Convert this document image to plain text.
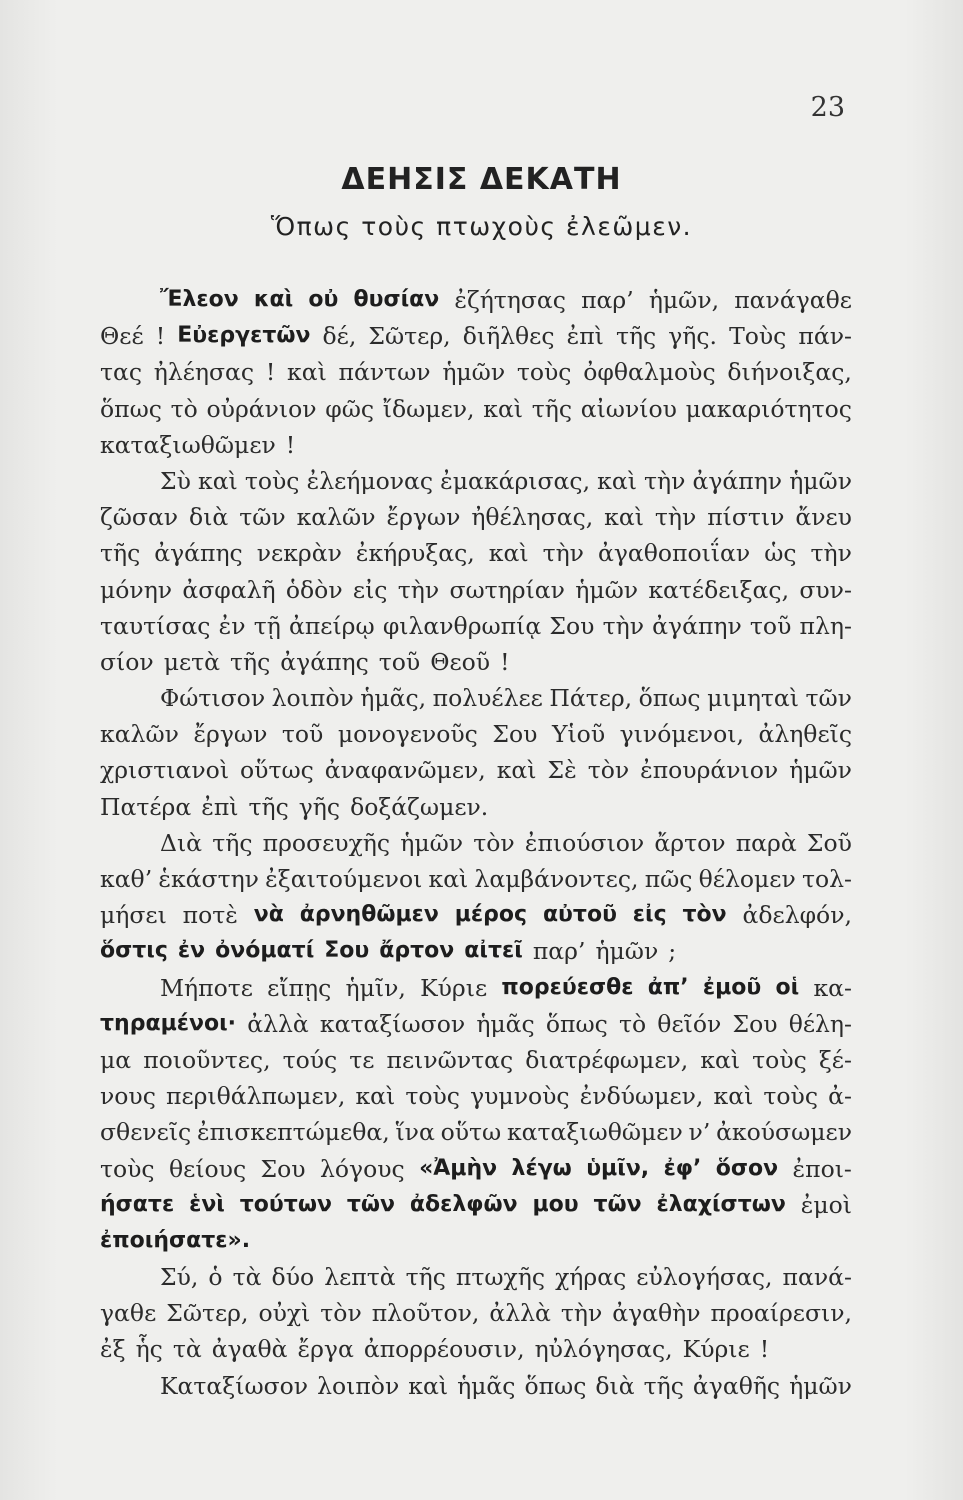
23
ΔΕΗΣΙΣ ΔΕΚΑΤΗ
Ὅπως τοὺς πτωχοὺς ἐλεῶμεν.
Ἔλεον καὶ οὐ θυσίαν ἐζήτησας παρ’ ἡμῶν, πανάγαθε
Θεέ ! Εὐεργετῶν δέ, Σῶτερ, διῆλθες ἐπὶ τῆς γῆς. Τοὺς πάν-
τας ἠλέησας ! καὶ πάντων ἡμῶν τοὺς ὀφθαλμοὺς διήνοιξας,
ὅπως τὸ οὐράνιον φῶς ἴδωμεν, καὶ τῆς αἰωνίου μακαριότητος
καταξιωθῶμεν !
Σὺ καὶ τοὺς ἐλεήμονας ἐμακάρισας, καὶ τὴν ἀγάπην ἡμῶν
ζῶσαν διὰ τῶν καλῶν ἔργων ἠθέλησας, καὶ τὴν πίστιν ἄνευ
τῆς ἀγάπης νεκρὰν ἐκήρυξας, καὶ τὴν ἀγαθοποιΐαν ὡς τὴν
μόνην ἀσφαλῆ ὁδὸν εἰς τὴν σωτηρίαν ἡμῶν κατέδειξας, συν-
ταυτίσας ἐν τῇ ἀπείρῳ φιλανθρωπίᾳ Σου τὴν ἀγάπην τοῦ πλη-
σίον μετὰ τῆς ἀγάπης τοῦ Θεοῦ !
Φώτισον λοιπὸν ἡμᾶς, πολυέλεε Πάτερ, ὅπως μιμηταὶ τῶν
καλῶν ἔργων τοῦ μονογενοῦς Σου Υἱοῦ γινόμενοι, ἀληθεῖς
χριστιανοὶ οὕτως ἀναφανῶμεν, καὶ Σὲ τὸν ἐπουράνιον ἡμῶν
Πατέρα ἐπὶ τῆς γῆς δοξάζωμεν.
Διὰ τῆς προσευχῆς ἡμῶν τὸν ἐπιούσιον ἄρτον παρὰ Σοῦ
καθ’ ἑκάστην ἐξαιτούμενοι καὶ λαμβάνοντες, πῶς θέλομεν τολ-
μήσει ποτὲ νὰ ἀρνηθῶμεν μέρος αὐτοῦ εἰς τὸν ἀδελφόν,
ὅστις ἐν ὀνόματί Σου ἄρτον αἰτεῖ παρ’ ἡμῶν ;
Μήποτε εἴπῃς ἡμῖν, Κύριε πορεύεσθε ἀπ’ ἐμοῦ οἱ κα-
τηραμένοι· ἀλλὰ καταξίωσον ἡμᾶς ὅπως τὸ θεῖόν Σου θέλη-
μα ποιοῦντες, τούς τε πεινῶντας διατρέφωμεν, καὶ τοὺς ξέ-
νους περιθάλπωμεν, καὶ τοὺς γυμνοὺς ἐνδύωμεν, καὶ τοὺς ἀ-
σθενεῖς ἐπισκεπτώμεθα, ἵνα οὕτω καταξιωθῶμεν ν’ ἀκούσωμεν
τοὺς θείους Σου λόγους «Ἀμὴν λέγω ὑμῖν, ἐφ’ ὅσον ἐποι-
ήσατε ἑνὶ τούτων τῶν ἀδελφῶν μου τῶν ἐλαχίστων ἐμοὶ
ἐποιήσατε».
Σύ, ὁ τὰ δύο λεπτὰ τῆς πτωχῆς χήρας εὐλογήσας, πανά-
γαθε Σῶτερ, οὐχὶ τὸν πλοῦτον, ἀλλὰ τὴν ἀγαθὴν προαίρεσιν,
ἐξ ἧς τὰ ἀγαθὰ ἔργα ἀπορρέουσιν, ηὐλόγησας, Κύριε !
Καταξίωσον λοιπὸν καὶ ἡμᾶς ὅπως διὰ τῆς ἀγαθῆς ἡμῶν
